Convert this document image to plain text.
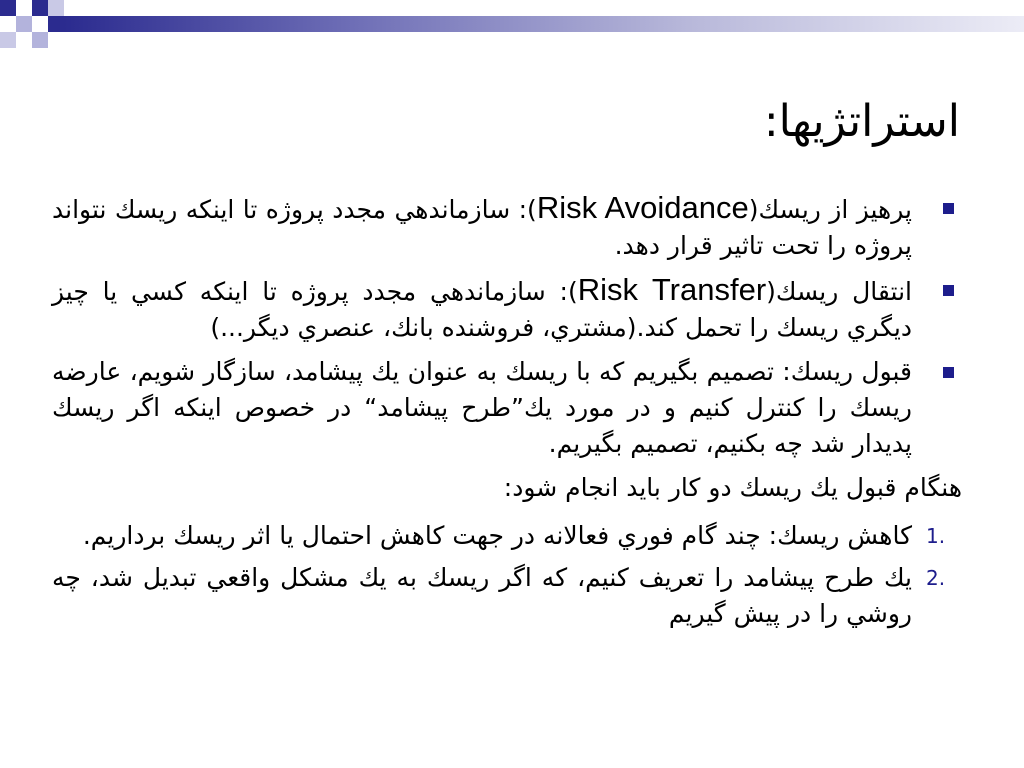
استراتژيها:
پرهيز از ريسك(Risk Avoidance): سازماندهي مجدد پروژه تا اينكه ريسك نتواند پروژه را تحت تاثير قرار دهد.
انتقال ريسك(Risk Transfer): سازماندهي مجدد پروژه تا اينكه كسي يا چيز ديگري ريسك را تحمل كند.(مشتري، فروشنده بانك، عنصري ديگر...)
قبول ريسك: تصميم بگيريم كه با ريسك به عنوان يك پيشامد، سازگار شويم، عارضه ريسك را كنترل كنيم و در مورد يك”طرح پيشامد“ در خصوص اينكه اگر ريسك پديدار شد چه بكنيم، تصميم بگيريم.
هنگام قبول يك ريسك دو كار بايد انجام شود:
1.
كاهش ريسك: چند گام فوري فعالانه در جهت كاهش احتمال يا اثر ريسك برداريم.
2.
يك طرح پيشامد را تعريف كنيم، كه اگر ريسك به يك مشكل واقعي تبديل شد، چه روشي را در پيش گيريم
